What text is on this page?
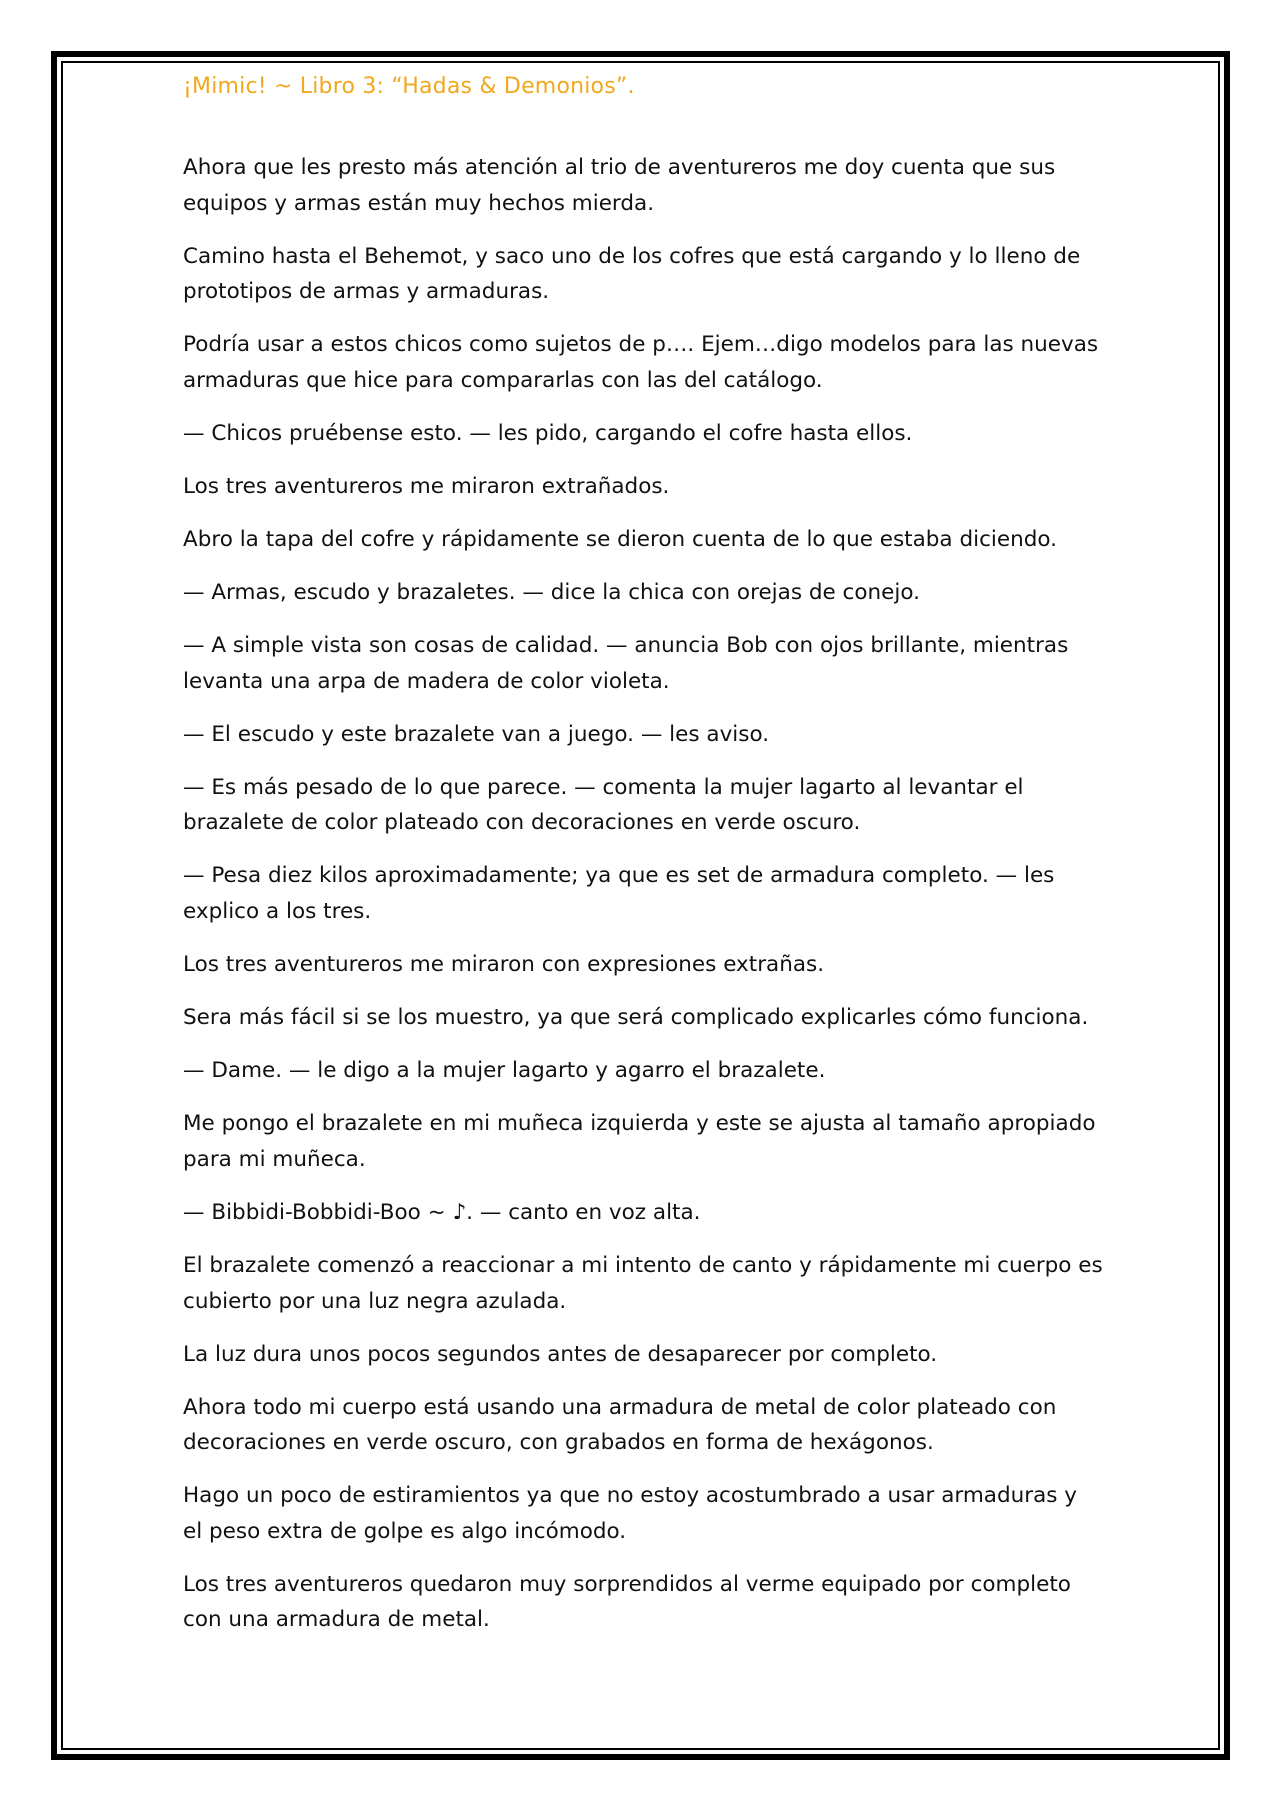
¡Mimic! ~ Libro 3: “Hadas & Demonios”.

Ahora que les presto más atención al trio de aventureros me doy cuenta que sus equipos y armas están muy hechos mierda.

Camino hasta el Behemot, y saco uno de los cofres que está cargando y lo lleno de prototipos de armas y armaduras.

Podría usar a estos chicos como sujetos de p…. Ejem…digo modelos para las nuevas armaduras que hice para compararlas con las del catálogo.

— Chicos pruébense esto. — les pido, cargando el cofre hasta ellos.

Los tres aventureros me miraron extrañados.

Abro la tapa del cofre y rápidamente se dieron cuenta de lo que estaba diciendo.

— Armas, escudo y brazaletes. — dice la chica con orejas de conejo.

— A simple vista son cosas de calidad. — anuncia Bob con ojos brillante, mientras levanta una arpa de madera de color violeta.

— El escudo y este brazalete van a juego. — les aviso.

— Es más pesado de lo que parece. — comenta la mujer lagarto al levantar el brazalete de color plateado con decoraciones en verde oscuro.

— Pesa diez kilos aproximadamente; ya que es set de armadura completo. — les explico a los tres.

Los tres aventureros me miraron con expresiones extrañas.

Sera más fácil si se los muestro, ya que será complicado explicarles cómo funciona.

— Dame. — le digo a la mujer lagarto y agarro el brazalete.

Me pongo el brazalete en mi muñeca izquierda y este se ajusta al tamaño apropiado para mi muñeca.

— Bibbidi-Bobbidi-Boo ~ ♪. — canto en voz alta.

El brazalete comenzó a reaccionar a mi intento de canto y rápidamente mi cuerpo es cubierto por una luz negra azulada.

La luz dura unos pocos segundos antes de desaparecer por completo.

Ahora todo mi cuerpo está usando una armadura de metal de color plateado con decoraciones en verde oscuro, con grabados en forma de hexágonos.

Hago un poco de estiramientos ya que no estoy acostumbrado a usar armaduras y el peso extra de golpe es algo incómodo.

Los tres aventureros quedaron muy sorprendidos al verme equipado por completo con una armadura de metal.
